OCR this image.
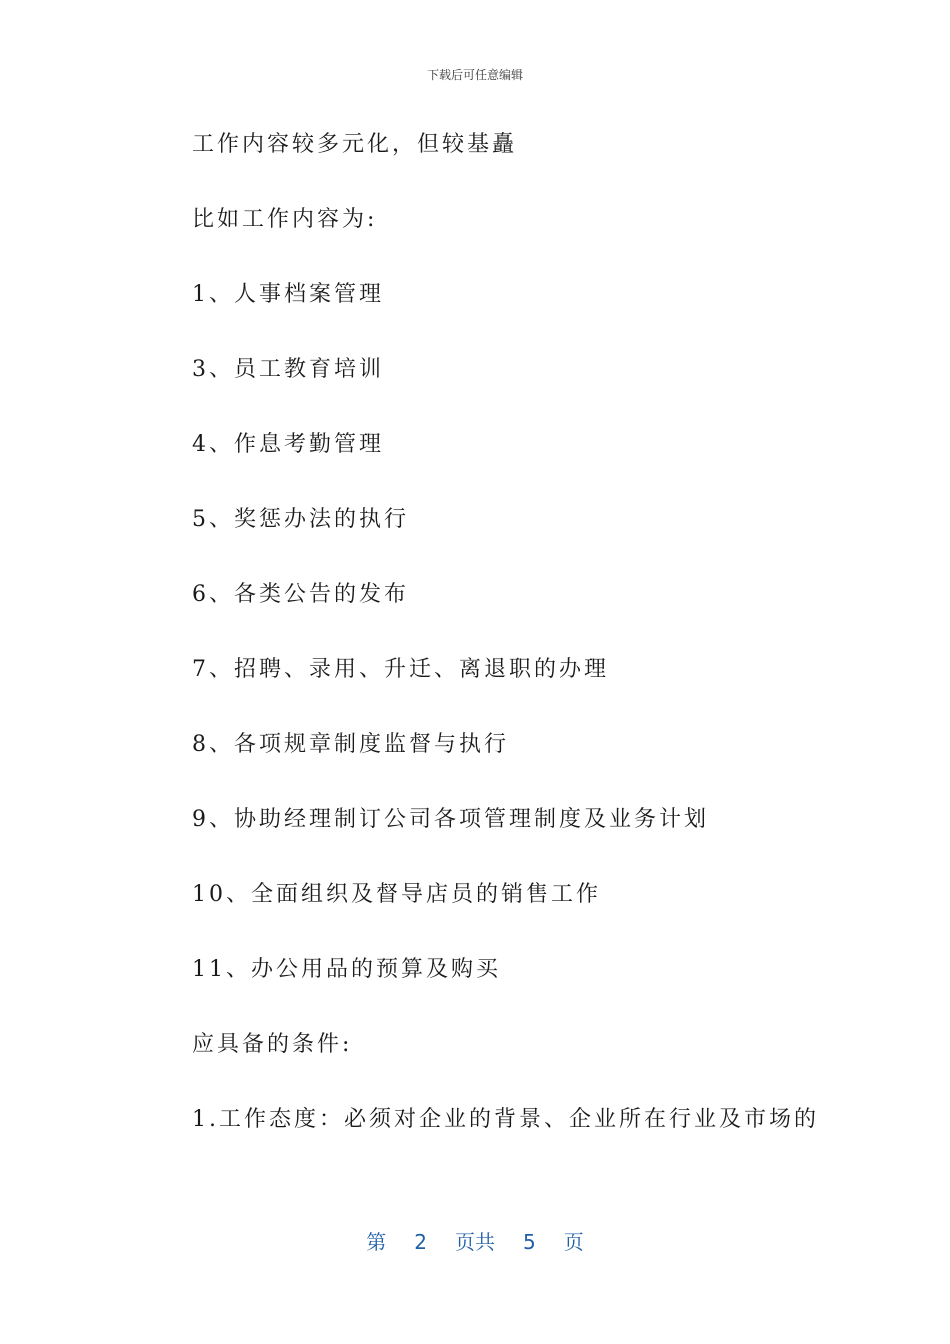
下载后可任意编辑
工作内容较多元化，但较基矗
比如工作内容为:
1、人事档案管理
3、员工教育培训
4、作息考勤管理
5、奖惩办法的执行
6、各类公告的发布
7、招聘、录用、升迁、离退职的办理
8、各项规章制度监督与执行
9、协助经理制订公司各项管理制度及业务计划
10、全面组织及督导店员的销售工作
11、办公用品的预算及购买
应具备的条件:
1.工作态度：必须对企业的背景、企业所在行业及市场的
第 2 页共 5 页
